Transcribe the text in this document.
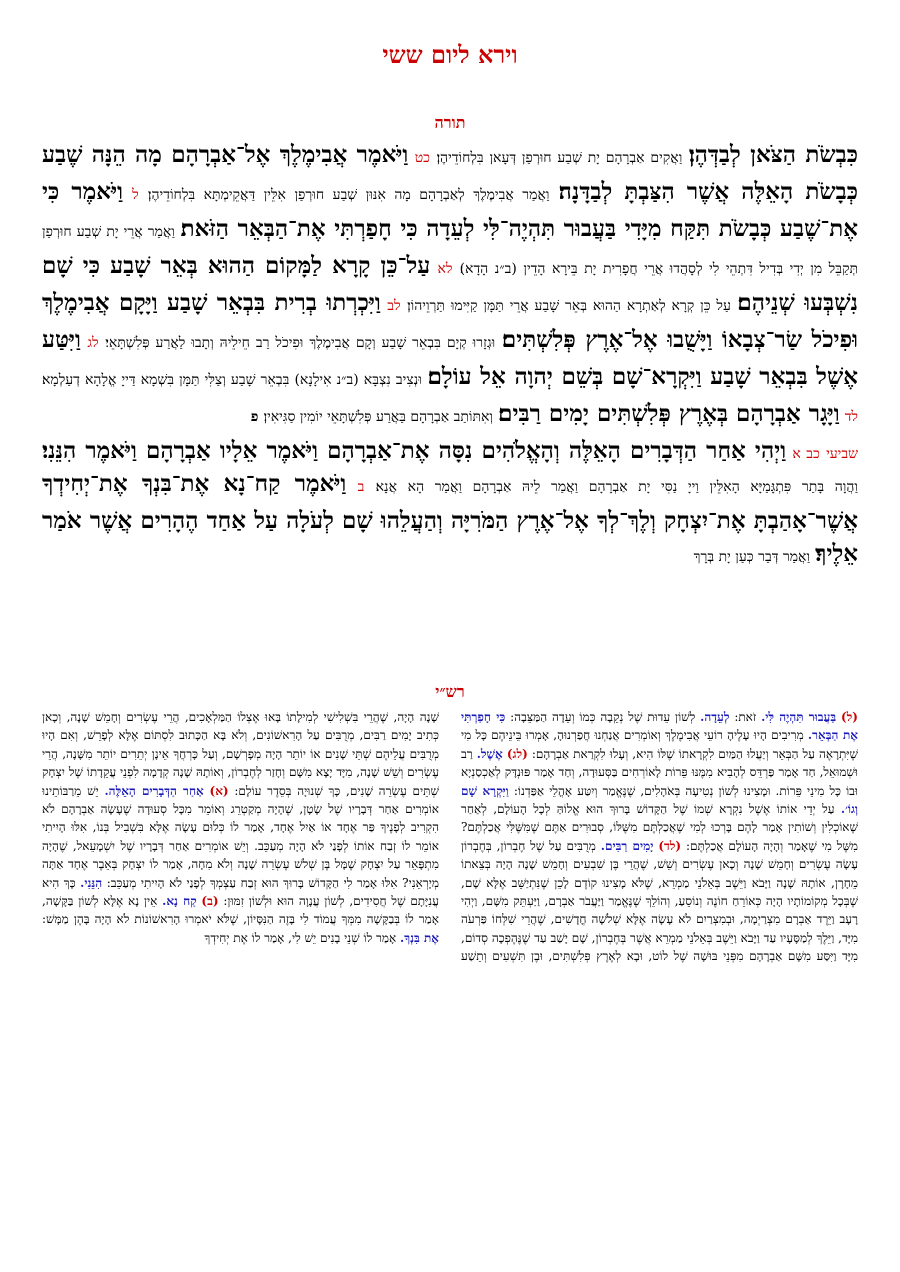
וירא ליום ששי
תורה
כִּבְשֹׂת הַצֹּאן לְבַדְּהֶן׃ וַאֲקִים אַבְרָהָם יָת שְׁבַע חוּרְפַן דְּעָאן בִּלְחוֹדֵיהֶן׃ כט וַיֹּאמֶר אֲבִימֶלֶךְ אֶל־אַבְרָהָם מָה הֵנָּה שֶׁבַע כְּבָשֹׂת הָאֵלֶּה אֲשֶׁר הִצַּבְתָּ לְבַדָּנָה׃ וַאֲמַר אֲבִימֶלֶךְ לְאַבְרָהָם מָה אִנּוּן שְׁבַע חוּרְפַן אִלֵּין דַּאֲקֵימְתָּא בִּלְחוֹדֵיהֶן׃ ל וַיֹּאמֶר כִּי אֶת־שֶׁבַע כְּבָשֹׂת תִּקַּח מִיָּדִי בַּעֲבוּר תִּהְיֶה־לִּי לְעֵדָה כִּי חָפַרְתִּי אֶת־הַבְּאֵר הַזֹּאת׃ וַאֲמַר אֲרֵי יָת שְׁבַע חוּרְפַן תְּקַבֵּל מִן יְדִי בְּדִיל דִּתְהֵי לִי לְסָהֲדוּ אֲרֵי חֲפָרִית יָת בֵּירָא הָדֵין (ב״נ הָדָא)׃ לא עַל־כֵּן קָרָא לַמָּקוֹם הַהוּא בְּאֵר שָׁבַע כִּי שָׁם נִשְׁבְּעוּ שְׁנֵיהֶם׃ עַל כֵּן קְרָא לְאַתְרָא הַהוּא בְּאֵר שָׁבַע אֲרֵי תַּמָּן קַיִּימוּ תַּרְוֵיהוֹן׃ לב וַיִּכְרְתוּ בְרִית בִּבְאֵר שָׁבַע וַיָּקָם אֲבִימֶלֶךְ וּפִיכֹל שַׂר־צְבָאוֹ וַיָּשֻׁבוּ אֶל־אֶרֶץ פְּלִשְׁתִּים׃ וּגְזָרוּ קְיָם בִּבְאֵר שָׁבַע וְקָם אֲבִימֶלֶךְ וּפִיכֹל רַב חֵילֵיהּ וְתָבוּ לַאֲרַע פְּלִשְׁתָּאֵי׃ לג וַיִּטַּע אֶשֶׁל בִּבְאֵר שָׁבַע וַיִּקְרָא־שָׁם בְּשֵׁם יְהוָה אֵל עוֹלָם׃ וּנְצִיב נִצְבָּא (ב״נ אִילָנָא) בִּבְאֵר שָׁבַע וְצַלִּי תַּמָּן בִּשְׁמָא דַּייָ אֱלָהָא דְעַלְמָא׃ לד וַיָּגָר אַבְרָהָם בְּאֶרֶץ פְּלִשְׁתִּים יָמִים רַבִּים׃ וְאִתּוֹתַב אַבְרָהָם בַּאֲרַע פְּלִשְׁתָּאֵי יוֹמִין סַגִּיאִין׃ פ
שביעי כב א וַיְהִי אַחַר הַדְּבָרִים הָאֵלֶּה וְהָאֱלֹהִים נִסָּה אֶת־אַבְרָהָם וַיֹּאמֶר אֵלָיו אַבְרָהָם וַיֹּאמֶר הִנֵּנִי׃ וַהֲוָה בָּתַר פִּתְגָּמַיָּא הָאִלֵּין וַייָ נַסִּי יָת אַבְרָהָם וַאֲמַר לֵיהּ אַבְרָהָם וַאֲמַר הָא אֲנָא׃ ב וַיֹּאמֶר קַח־נָא אֶת־בִּנְךָ אֶת־יְחִידְךָ אֲשֶׁר־אָהַבְתָּ אֶת־יִצְחָק וְלֶךְ־לְךָ אֶל־אֶרֶץ הַמֹּרִיָּה וְהַעֲלֵהוּ שָׁם לְעֹלָה עַל אַחַד הֶהָרִים אֲשֶׁר אֹמַר אֵלֶיךָ׃ וַאֲמַר דְּבַר כְּעַן יָת בְּרָךְ
רש״י

(ל) בַּעֲבוּר תִּהְיֶה לִּי. זֹאת: לְעֵדָה. לְשׁוֹן עֵדוּת שֶׁל נְקֵבָה כְּמוֹ וְעֵדָה הַמַּצֵּבָה: כִּי חָפַרְתִּי אֶת הַבְּאֵר. מְרִיבִים הָיוּ עָלֶיהָ רוֹעֵי אֲבִימֶלֶךְ וְאוֹמְרִים אֲנַחְנוּ חֲפַרְנוּהָ, אָמְרוּ בֵּינֵיהֶם כָּל מִי שֶׁיִּתְרָאֶה עַל הַבְּאֵר וְיַעֲלוּ הַמַּיִם לִקְרָאתוֹ שֶׁלּוֹ הִיא, וְעָלוּ לִקְרַאת אַבְרָהָם: (לג) אֶשֶׁל. רַב וּשְׁמוּאֵל, חַד אָמַר פַּרְדֵּס לְהָבִיא מִמֶּנּוּ פֵּרוֹת לָאוֹרְחִים בַּסְּעוּדָה, וְחַד אָמַר פּוּנְדָּק לְאַכְסַנְיָא וּבוֹ כָּל מִינֵי פֵּרוֹת. וּמָצִינוּ לְשׁוֹן נְטִיעָה בְּאֹהָלִים, שֶׁנֶּאֱמַר וְיִטַּע אָהֳלֵי אַפַּדְנוֹ: וַיִּקְרָא שָׁם וְגוֹ׳. עַל יְדֵי אוֹתוֹ אֶשֶׁל נִקְרָא שְׁמוֹ שֶׁל הַקָּדוֹשׁ בָּרוּךְ הוּא אֱלוֹהַּ לְכָל הָעוֹלָם, לְאַחַר שֶׁאוֹכְלִין וְשׁוֹתִין אָמַר לָהֶם בָּרְכוּ לְמִי שֶׁאֲכַלְתֶּם מִשֶּׁלּוֹ, סְבוּרִים אַתֶּם שֶׁמִּשֶּׁלִּי אֲכַלְתֶּם? מִשֶּׁל מִי שֶׁאָמַר וְהָיָה הָעוֹלָם אֲכַלְתֶּם: (לד) יָמִים רַבִּים. מְרֻבִּים עַל שֶׁל חֶבְרוֹן, בְּחֶבְרוֹן עָשָׂה עֶשְׂרִים וְחָמֵשׁ שָׁנָה וְכָאן עֶשְׂרִים וְשֵׁשׁ, שֶׁהֲרֵי בֶּן שִׁבְעִים וְחָמֵשׁ שָׁנָה הָיָה בְּצֵאתוֹ מֵחָרָן, אוֹתָהּ שָׁנָה וַיָּבֹא וַיֵּשֶׁב בְּאֵלֹנֵי מַמְרֵא, שֶׁלֹּא מָצִינוּ קוֹדֶם לָכֵן שֶׁנִּתְיַשֵּׁב אֶלָּא שָׁם, שֶׁבְּכָל מְקוֹמוֹתָיו הָיָה כְּאוֹרֵחַ חוֹנֶה וְנוֹסֵעַ, וְהוֹלֵךְ שֶׁנֶּאֱמַר וַיַּעֲבֹר אַבְרָם, וַיַּעְתֵּק מִשָּׁם, וַיְהִי רָעָב וַיֵּרֶד אַבְרָם מִצְרַיְמָה, וּבְמִצְרַיִם לֹא עָשָׂה אֶלָּא שְׁלֹשָׁה חֳדָשִׁים, שֶׁהֲרֵי שִׁלְּחוֹ פַּרְעֹה מִיָּד, וַיֵּלֶךְ לְמַסָּעָיו עַד וַיָּבֹא וַיֵּשֶׁב בְּאֵלֹנֵי מַמְרֵא אֲשֶׁר בְּחֶבְרוֹן, שָׁם יָשַׁב עַד שֶׁנֶּהֶפְכָה סְדוֹם, מִיָּד וַיִּסַּע מִשָּׁם אַבְרָהָם מִפְּנֵי בּוּשָׁה שֶׁל לוֹט, וּבָא לְאֶרֶץ פְּלִשְׁתִּים, וּבֶן תִּשְׁעִים וְתֵשַׁע שָׁנָה הָיָה, שֶׁהֲרֵי בִּשְׁלִישִׁי לְמִילָתוֹ בָּאוּ אֶצְלוֹ הַמַּלְאָכִים, הֲרֵי עֶשְׂרִים וְחָמֵשׁ שָׁנָה, וְכָאן כְּתִיב יָמִים רַבִּים, מְרֻבִּים עַל הָרִאשׁוֹנִים, וְלֹא בָּא הַכָּתוּב לִסְתּוֹם אֶלָּא לְפָרֵשׁ, וְאִם הָיוּ מְרֻבִּים עֲלֵיהֶם שְׁתֵּי שָׁנִים אוֹ יוֹתֵר הָיָה מְפָרְשָׁם, וְעַל כָּרְחֲךָ אֵינָן יְתֵרִים יוֹתֵר מִשָּׁנָה, הֲרֵי עֶשְׂרִים וְשֵׁשׁ שָׁנָה, מִיָּד יָצָא מִשָּׁם וְחָזַר לְחֶבְרוֹן, וְאוֹתָהּ שָׁנָה קְדָמָה לִפְנֵי עֲקֵדָתוֹ שֶׁל יִצְחָק שְׁתֵּים עֶשְׂרֵה שָׁנִים, כָּךְ שְׁנוּיָה בְּסֵדֶר עוֹלָם: (א) אַחַר הַדְּבָרִים הָאֵלֶּה. יֵשׁ מֵרַבּוֹתֵינוּ אוֹמְרִים אַחַר דְּבָרָיו שֶׁל שָׂטָן, שֶׁהָיָה מְקַטְרֵג וְאוֹמֵר מִכָּל סְעוּדָה שֶׁעָשָׂה אַבְרָהָם לֹא הִקְרִיב לְפָנֶיךָ פַּר אֶחָד אוֹ אַיִל אֶחָד, אָמַר לוֹ כְּלוּם עָשָׂה אֶלָּא בִּשְׁבִיל בְּנוֹ, אִלּוּ הָיִיתִי אוֹמֵר לוֹ זְבַח אוֹתוֹ לְפָנַי לֹא הָיָה מְעַכֵּב. וְיֵשׁ אוֹמְרִים אַחַר דְּבָרָיו שֶׁל יִשְׁמָעֵאל, שֶׁהָיָה מִתְפָּאֵר עַל יִצְחָק שֶׁמָּל בֶּן שְׁלֹשׁ עֶשְׂרֵה שָׁנָה וְלֹא מִחָה, אָמַר לוֹ יִצְחָק בְּאֵבֶר אֶחָד אַתָּה מְיָרְאֵנִי? אִלּוּ אָמַר לִי הַקָּדוֹשׁ בָּרוּךְ הוּא זְבַח עַצְמְךָ לְפָנַי לֹא הָיִיתִי מְעַכֵּב: הִנֵּנִי. כָּךְ הִיא עֲנִיָּתָם שֶׁל חֲסִידִים, לְשׁוֹן עֲנָוָה הוּא וּלְשׁוֹן זִמּוּן: (ב) קַח נָא. אֵין נָא אֶלָּא לְשׁוֹן בַּקָּשָׁה, אָמַר לוֹ בְּבַקָּשָׁה מִמְּךָ עֲמוֹד לִי בָּזֶה הַנִּסָּיוֹן, שֶׁלֹּא יֹאמְרוּ הָרִאשׁוֹנוֹת לֹא הָיָה בָּהֶן מַמָּשׁ: אֶת בִּנְךָ. אָמַר לוֹ שְׁנֵי בָנִים יֵשׁ לִי, אָמַר לוֹ אֶת יְחִידְךָ
